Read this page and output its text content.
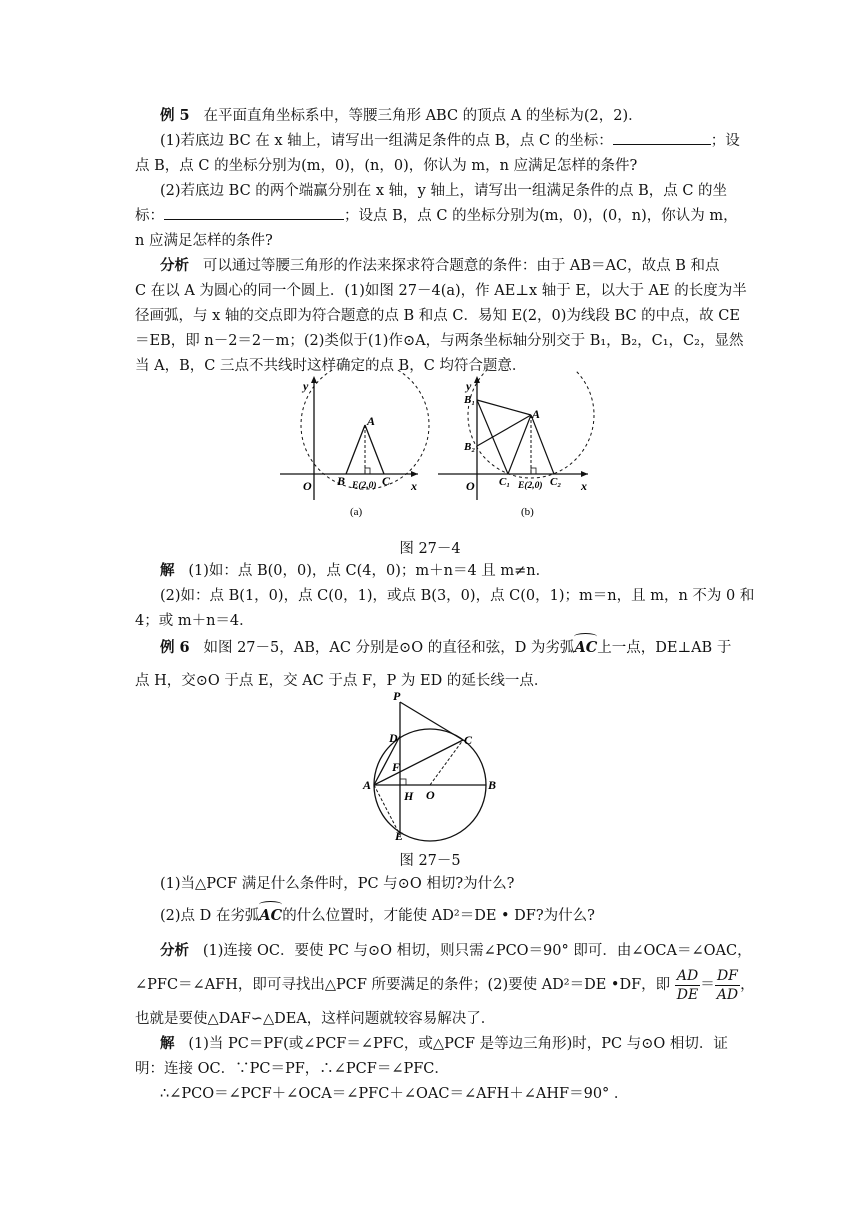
例 5 在平面直角坐标系中，等腰三角形 ABC 的顶点 A 的坐标为(2，2)．
(1)若底边 BC 在 x 轴上，请写出一组满足条件的点 B，点 C 的坐标：	；设
点 B，点 C 的坐标分别为(m，0)，(n，0)，你认为 m，n 应满足怎样的条件?
(2)若底边 BC 的两个端赢分别在 x 轴，y 轴上，请写出一组满足条件的点 B，点 C 的坐
标：	；设点 B，点 C 的坐标分别为(m，0)，(0，n)，你认为 m，
n 应满足怎样的条件?
分析 可以通过等腰三角形的作法来探求符合题意的条件：由于 AB＝AC，故点 B 和点
C 在以 A 为圆心的同一个圆上．(1)如图 27－4(a)，作 AE⊥x 轴于 E，以大于 AE 的长度为半
径画弧，与 x 轴的交点即为符合题意的点 B 和点 C．易知 E(2，0)为线段 BC 的中点，故 CE
＝EB，即 n－2＝2－m；(2)类似于(1)作⊙A，与两条坐标轴分别交于 B₁，B₂，C₁，C₂，显然
当 A，B，C 三点不共线时这样确定的点 B，C 均符合题意．
y
x
O
A
B	C
E(2,0)
(a)
y
x
O
A
B₁
B₂
C₁	C₂
E(2,0)
(b)
图 27－4
解 (1)如：点 B(0，0)，点 C(4，0)；m＋n＝4 且 m≠n．
(2)如：点 B(1，0)，点 C(0，1)，或点 B(3，0)，点 C(0，1)；m＝n，且 m，n 不为 0 和
4；或 m＋n＝4．
例 6 如图 27－5，AB，AC 分别是⊙O 的直径和弦，D 为劣弧AC上一点，DE⊥AB 于
点 H，交⊙O 于点 E，交 AC 于点 F，P 为 ED 的延长线一点．
P
D	C
F
A
H O
B
E
图 27－5
(1)当△PCF 满足什么条件时，PC 与⊙O 相切?为什么?
(2)点 D 在劣弧AC的什么位置时，才能使 AD²＝DE • DF?为什么?
分析 (1)连接 OC．要使 PC 与⊙O 相切，则只需∠PCO＝90° 即可．由∠OCA＝∠OAC，
∠PFC＝∠AFH，即可寻找出△PCF 所要满足的条件；(2)要使 AD²＝DE •DF，即 $\frac{AD}{DE} = \frac{DF}{AD}$ ，
也就是要使△DAF∽△DEA，这样问题就较容易解决了．
解 (1)当 PC＝PF(或∠PCF＝∠PFC，或△PCF 是等边三角形)时，PC 与⊙O 相切．证
明：连接 OC．∵PC＝PF，∴∠PCF＝∠PFC．
∴∠PCO＝∠PCF＋∠OCA＝∠PFC＋∠OAC＝∠AFH＋∠AHF＝90° ．
